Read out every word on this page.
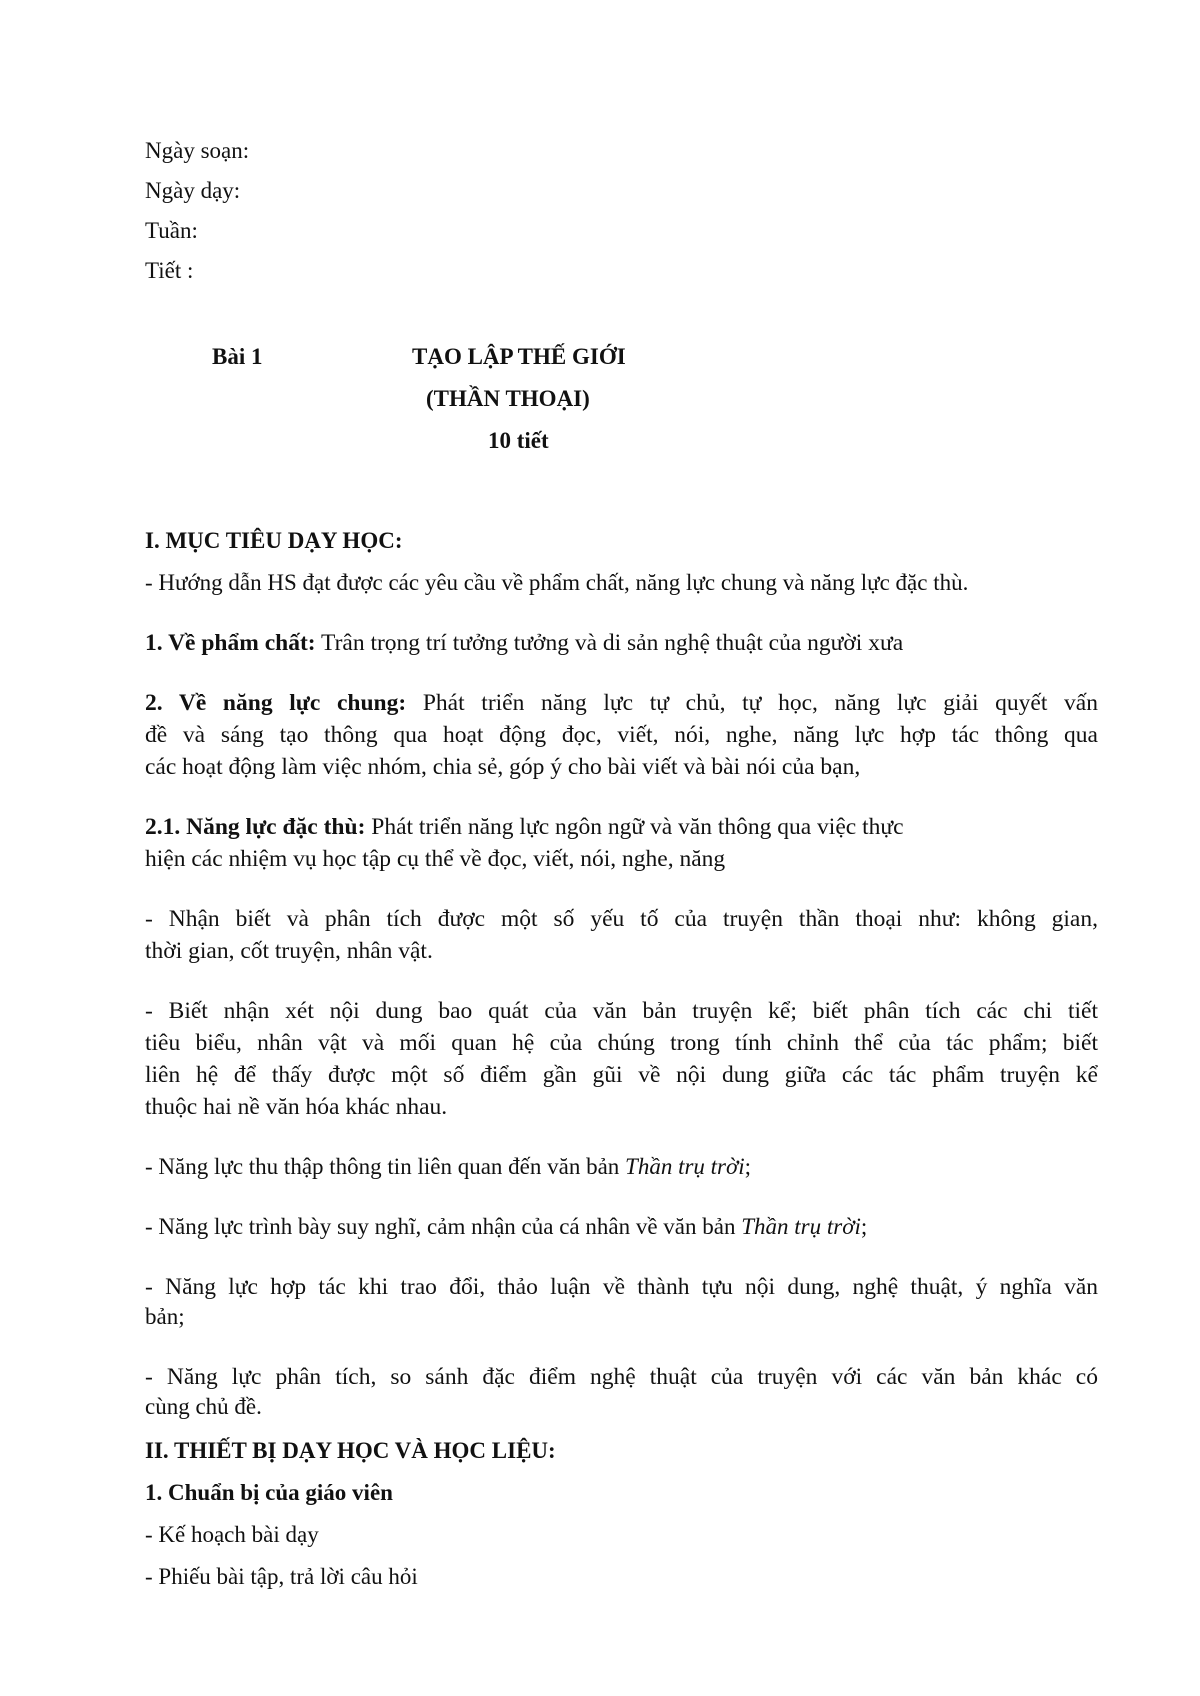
Ngày soạn:

Ngày dạy:

Tuần:

Tiết :

Bài 1	TẠO LẬP THẾ GIỚI

(THẦN THOẠI)

10 tiết

I. MỤC TIÊU DẠY HỌC:

- Hướng dẫn HS đạt được các yêu cầu về phẩm chất, năng lực chung và năng lực đặc thù.

1. Về phẩm chất: Trân trọng trí tưởng tưởng và di sản nghệ thuật của người xưa

2. Về năng lực chung: Phát triển năng lực tự chủ, tự học, năng lực giải quyết vấn

đề và sáng tạo thông qua hoạt động đọc, viết, nói, nghe, năng lực hợp tác thông qua

các hoạt động làm việc nhóm, chia sẻ, góp ý cho bài viết và bài nói của bạn,

2.1. Năng lực đặc thù: Phát triển năng lực ngôn ngữ và văn thông qua việc thực

hiện các nhiệm vụ học tập cụ thể về đọc, viết, nói, nghe, năng

- Nhận biết và phân tích được một số yếu tố của truyện thần thoại như: không gian,

thời gian, cốt truyện, nhân vật.

- Biết nhận xét nội dung bao quát của văn bản truyện kể; biết phân tích các chi tiết

tiêu biểu, nhân vật và mối quan hệ của chúng trong tính chỉnh thể của tác phẩm; biết

liên hệ để thấy được một số điểm gần gũi về nội dung giữa các tác phẩm truyện kể

thuộc hai nề văn hóa khác nhau.

- Năng lực thu thập thông tin liên quan đến văn bản Thần trụ trời;

- Năng lực trình bày suy nghĩ, cảm nhận của cá nhân về văn bản Thần trụ trời;

- Năng lực hợp tác khi trao đổi, thảo luận về thành tựu nội dung, nghệ thuật, ý nghĩa văn

bản;

- Năng lực phân tích, so sánh đặc điểm nghệ thuật của truyện với các văn bản khác có

cùng chủ đề.

II. THIẾT BỊ DẠY HỌC VÀ HỌC LIỆU:

1. Chuẩn bị của giáo viên

- Kế hoạch bài dạy

- Phiếu bài tập, trả lời câu hỏi
